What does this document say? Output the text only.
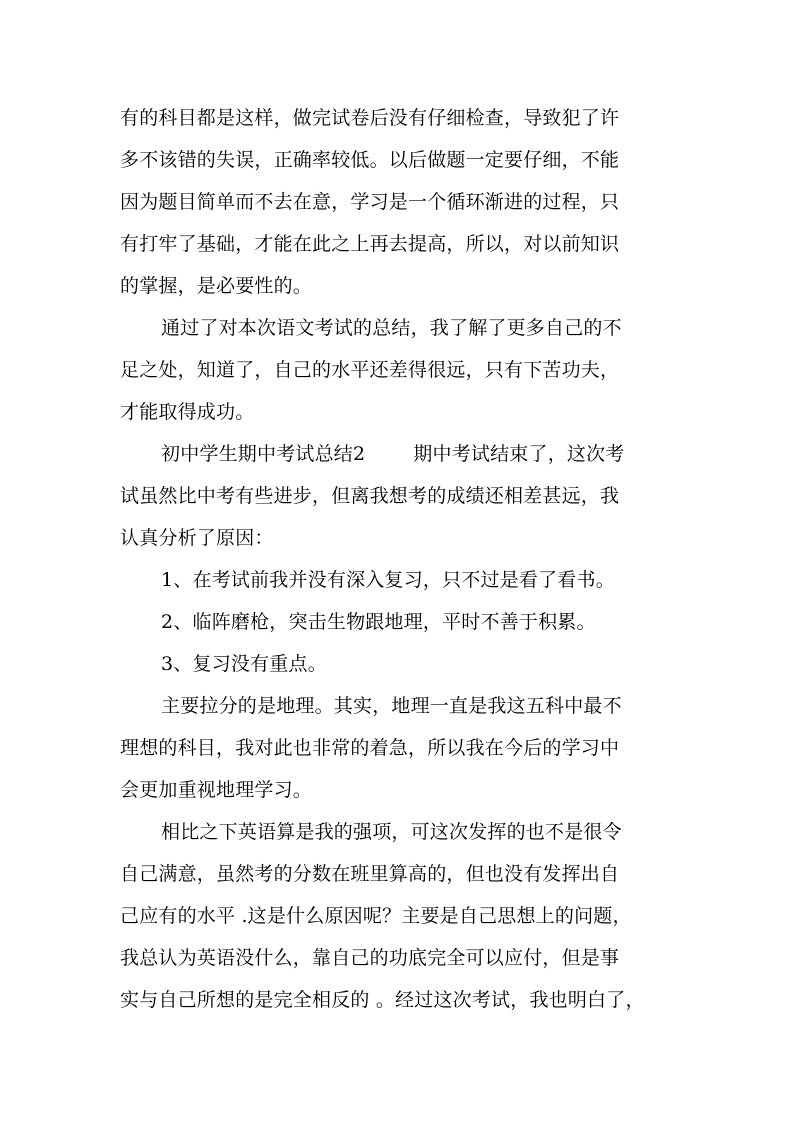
有的科目都是这样，做完试卷后没有仔细检查，导致犯了许
多不该错的失误，正确率较低。以后做题一定要仔细，不能
因为题目简单而不去在意，学习是一个循环渐进的过程，只
有打牢了基础，才能在此之上再去提高，所以，对以前知识
的掌握，是必要性的。
通过了对本次语文考试的总结，我了解了更多自己的不
足之处，知道了，自己的水平还差得很远，只有下苦功夫，
才能取得成功。
初中学生期中考试总结2	期中考试结束了，这次考
试虽然比中考有些进步，但离我想考的成绩还相差甚远，我
认真分析了原因：
1、在考试前我并没有深入复习，只不过是看了看书。
2、临阵磨枪，突击生物跟地理，平时不善于积累。
3、复习没有重点。
主要拉分的是地理。其实，地理一直是我这五科中最不
理想的科目，我对此也非常的着急，所以我在今后的学习中
会更加重视地理学习。
相比之下英语算是我的强项，可这次发挥的也不是很令
自己满意，虽然考的分数在班里算高的，但也没有发挥出自
己应有的水平 .这是什么原因呢？主要是自己思想上的问题，
我总认为英语没什么，靠自己的功底完全可以应付，但是事
实与自己所想的是完全相反的 。经过这次考试，我也明白了，
